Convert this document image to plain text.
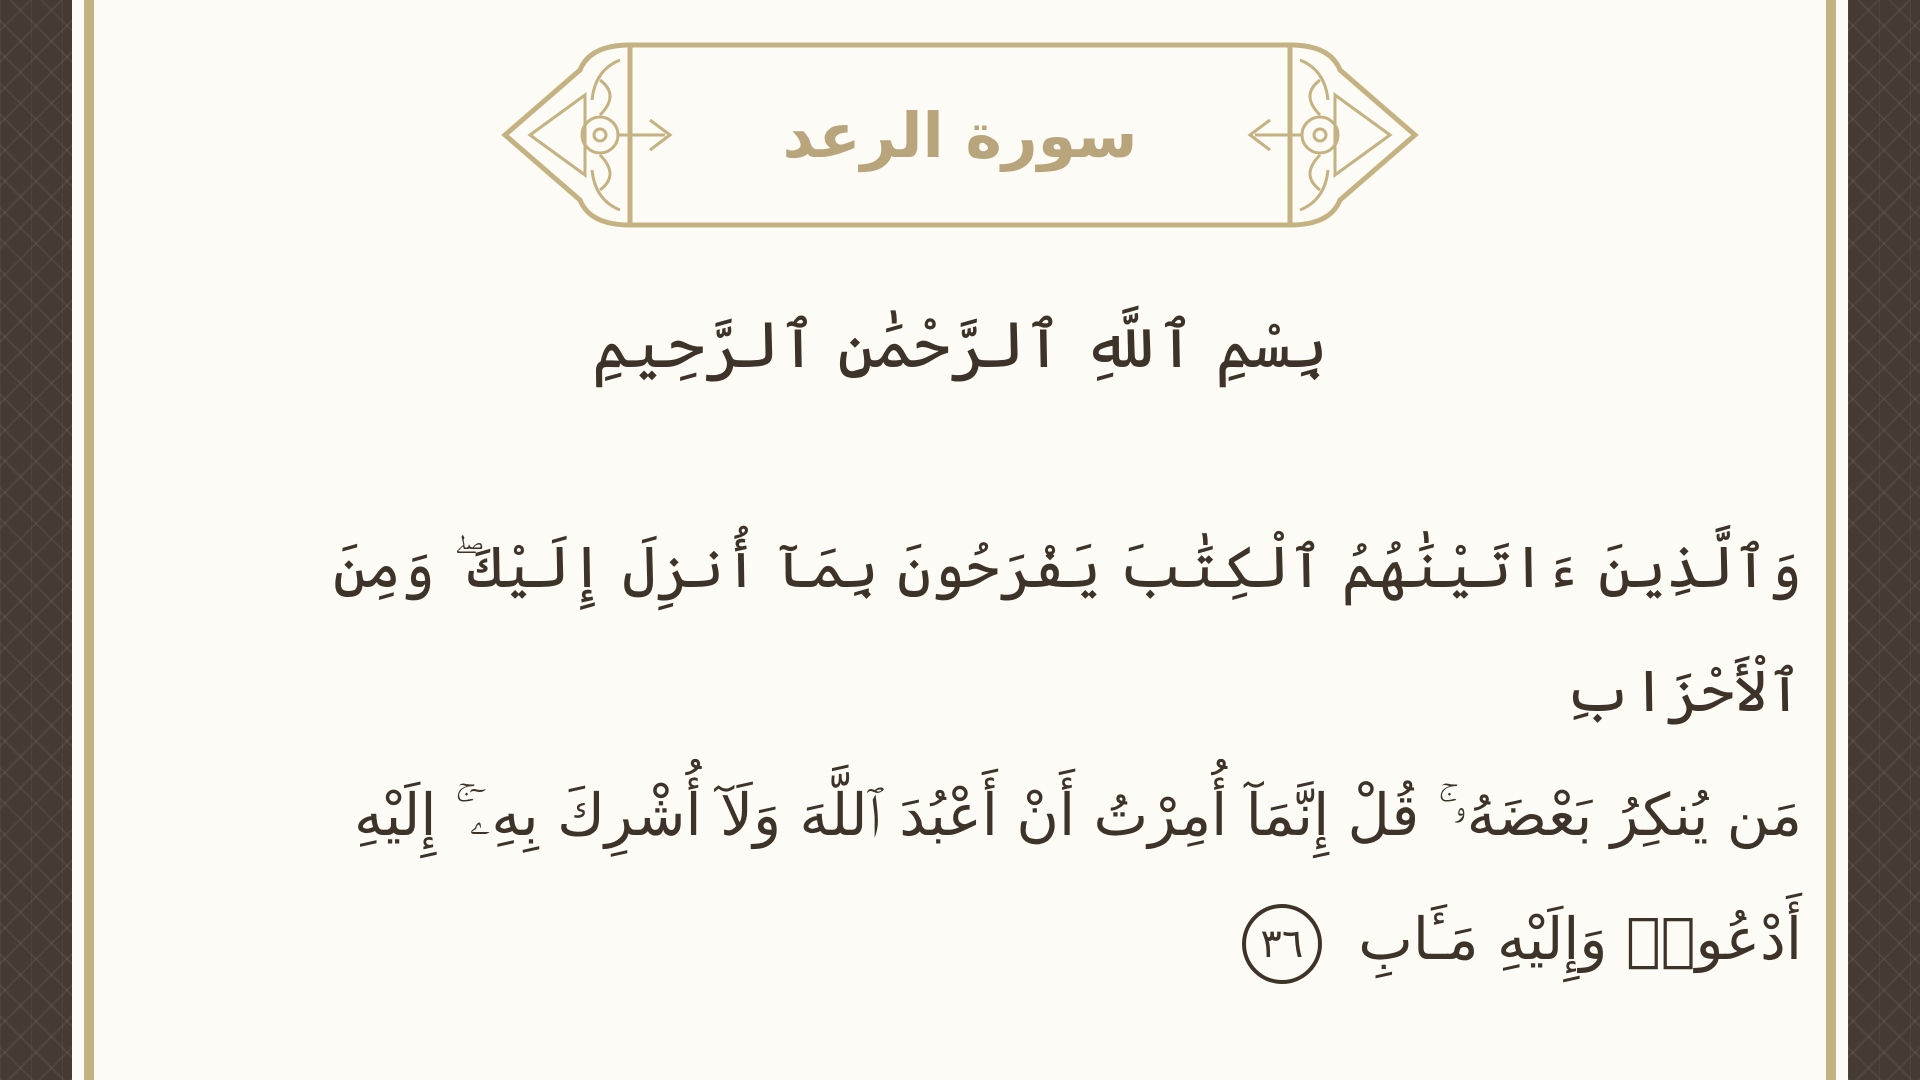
سورة الرعد
بِسْمِ ٱللَّهِ ٱلرَّحْمَٰنِ ٱلرَّحِيمِ
وَٱلَّذِينَ ءَاتَيْنَٰهُمُ ٱلْكِتَٰبَ يَفْرَحُونَ بِمَآ أُنزِلَ إِلَيْكَ ۖ وَمِنَ ٱلْأَحْزَابِ
مَن يُنكِرُ بَعْضَهُۥ ۚ قُلْ إِنَّمَآ أُمِرْتُ أَنْ أَعْبُدَ ٱللَّهَ وَلَآ أُشْرِكَ بِهِۦٓ ۚ إِلَيْهِ
أَدْعُوا۟ وَإِلَيْهِ مَـَٔابِ ٣٦
